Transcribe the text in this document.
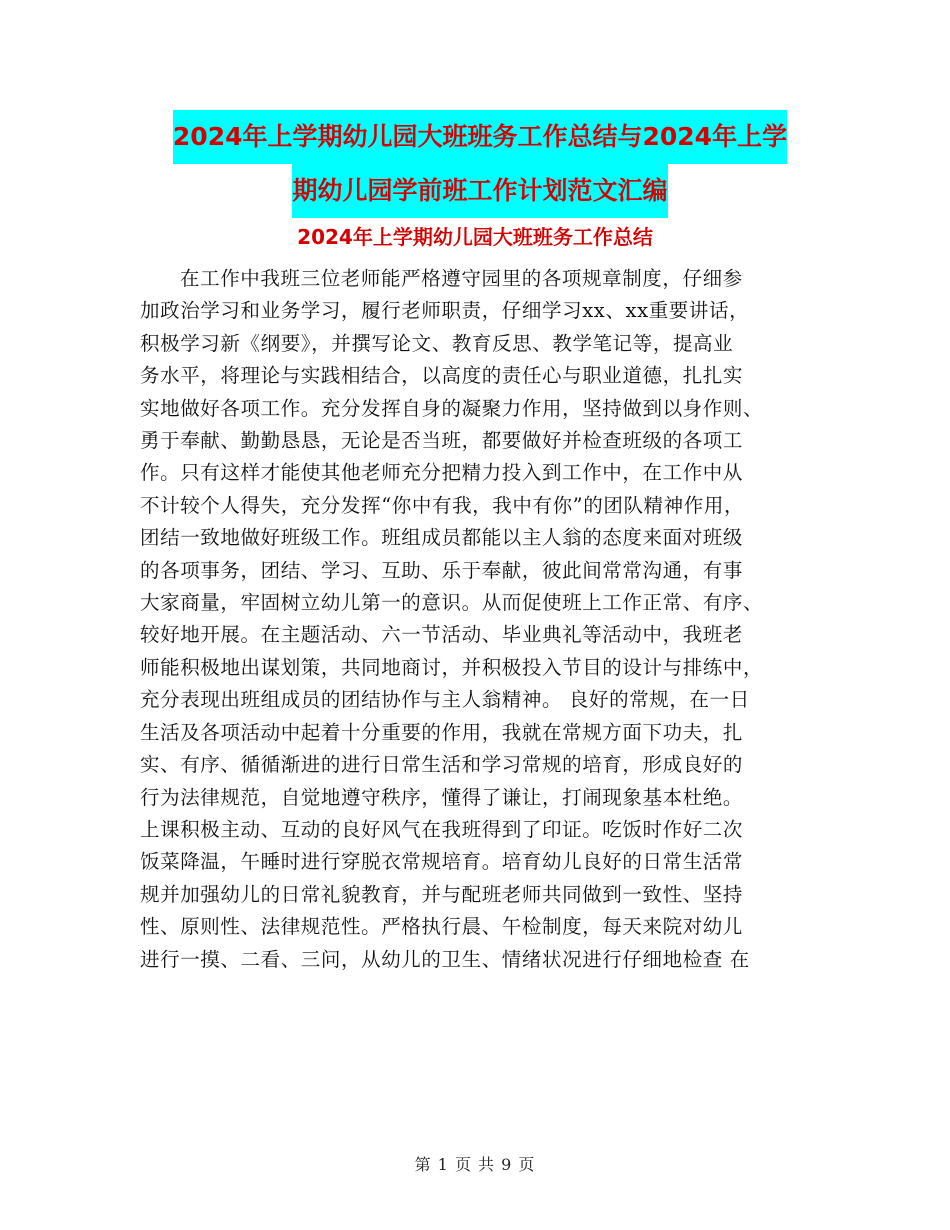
2024年上学期幼儿园大班班务工作总结与2024年上学
期幼儿园学前班工作计划范文汇编
2024年上学期幼儿园大班班务工作总结
在工作中我班三位老师能严格遵守园里的各项规章制度，仔细参
加政治学习和业务学习，履行老师职责，仔细学习xx、xx重要讲话，
积极学习新《纲要》，并撰写论文、教育反思、教学笔记等，提高业
务水平，将理论与实践相结合，以高度的责任心与职业道德，扎扎实
实地做好各项工作。充分发挥自身的凝聚力作用，坚持做到以身作则、
勇于奉献、勤勤恳恳，无论是否当班，都要做好并检查班级的各项工
作。只有这样才能使其他老师充分把精力投入到工作中，在工作中从
不计较个人得失，充分发挥“你中有我，我中有你”的团队精神作用，
团结一致地做好班级工作。班组成员都能以主人翁的态度来面对班级
的各项事务，团结、学习、互助、乐于奉献，彼此间常常沟通，有事
大家商量，牢固树立幼儿第一的意识。从而促使班上工作正常、有序、
较好地开展。在主题活动、六一节活动、毕业典礼等活动中，我班老
师能积极地出谋划策，共同地商讨，并积极投入节目的设计与排练中，
充分表现出班组成员的团结协作与主人翁精神。 良好的常规，在一日
生活及各项活动中起着十分重要的作用，我就在常规方面下功夫，扎
实、有序、循循渐进的进行日常生活和学习常规的培育，形成良好的
行为法律规范，自觉地遵守秩序，懂得了谦让，打闹现象基本杜绝。
上课积极主动、互动的良好风气在我班得到了印证。吃饭时作好二次
饭菜降温，午睡时进行穿脱衣常规培育。培育幼儿良好的日常生活常
规并加强幼儿的日常礼貌教育，并与配班老师共同做到一致性、坚持
性、原则性、法律规范性。严格执行晨、午检制度，每天来院对幼儿
进行一摸、二看、三问，从幼儿的卫生、情绪状况进行仔细地检查 在
第 1 页 共 9 页
